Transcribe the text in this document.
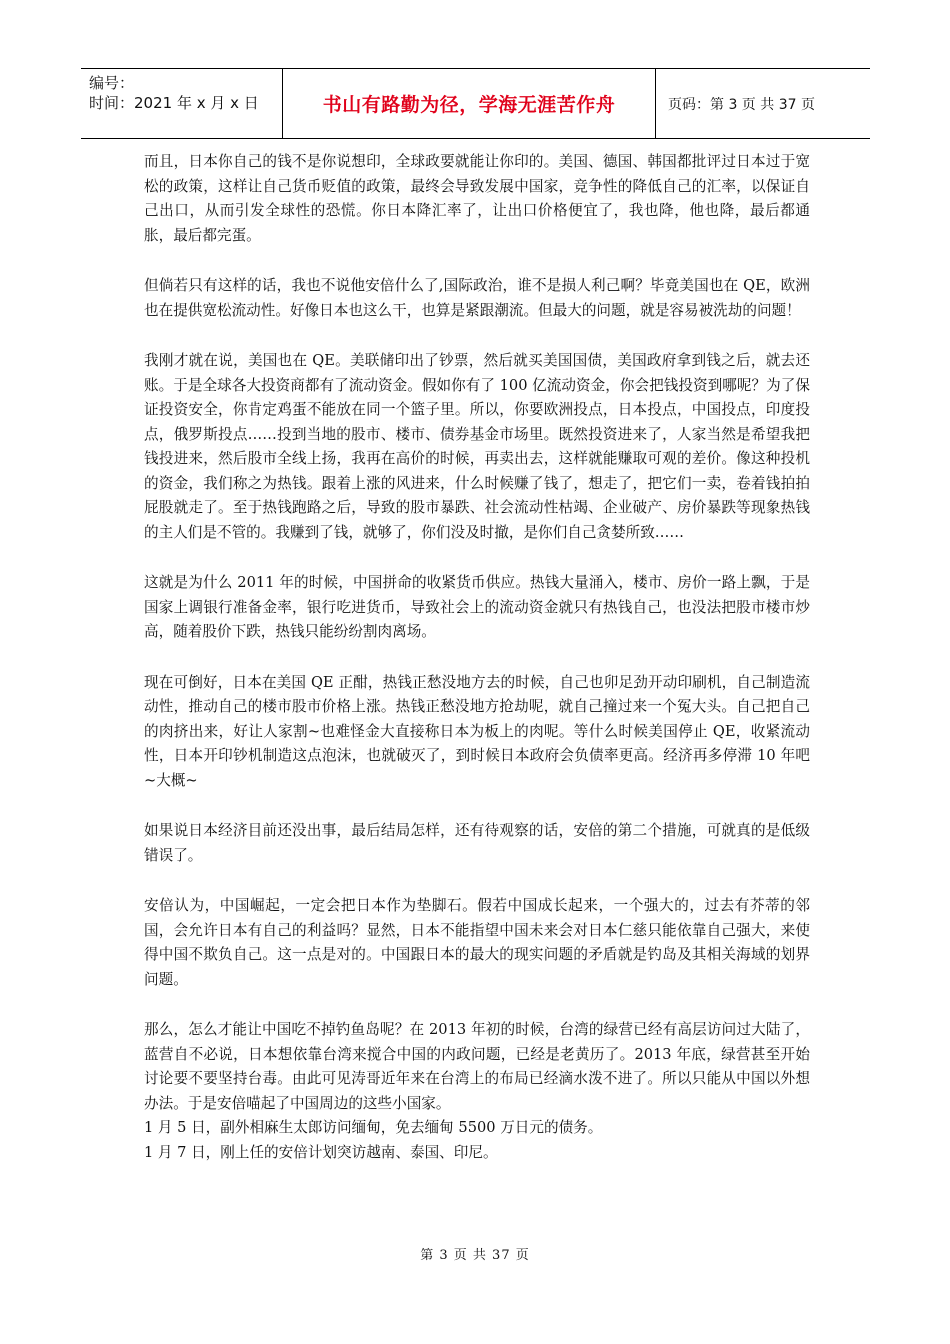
编号：
时间：2021 年 x 月 x 日	书山有路勤为径，学海无涯苦作舟	页码：第 3 页 共 37 页

而且，日本你自己的钱不是你说想印，全球政要就能让你印的。美国、德国、韩国都批评过日本过于宽松的政策，这样让自己货币贬值的政策，最终会导致发展中国家，竞争性的降低自己的汇率，以保证自己出口，从而引发全球性的恐慌。你日本降汇率了，让出口价格便宜了，我也降，他也降，最后都通胀，最后都完蛋。

但倘若只有这样的话，我也不说他安倍什么了,国际政治，谁不是损人利己啊？毕竟美国也在 QE，欧洲也在提供宽松流动性。好像日本也这么干，也算是紧跟潮流。但最大的问题，就是容易被洗劫的问题！

我刚才就在说，美国也在 QE。美联储印出了钞票，然后就买美国国债，美国政府拿到钱之后，就去还账。于是全球各大投资商都有了流动资金。假如你有了 100 亿流动资金，你会把钱投资到哪呢？为了保证投资安全，你肯定鸡蛋不能放在同一个篮子里。所以，你要欧洲投点，日本投点，中国投点，印度投点，俄罗斯投点……投到当地的股市、楼市、债券基金市场里。既然投资进来了，人家当然是希望我把钱投进来，然后股市全线上扬，我再在高价的时候，再卖出去，这样就能赚取可观的差价。像这种投机的资金，我们称之为热钱。跟着上涨的风进来，什么时候赚了钱了，想走了，把它们一卖，卷着钱拍拍屁股就走了。至于热钱跑路之后，导致的股市暴跌、社会流动性枯竭、企业破产、房价暴跌等现象热钱的主人们是不管的。我赚到了钱，就够了，你们没及时撤，是你们自己贪婪所致……

这就是为什么 2011 年的时候，中国拼命的收紧货币供应。热钱大量涌入，楼市、房价一路上飘，于是国家上调银行准备金率，银行吃进货币，导致社会上的流动资金就只有热钱自己，也没法把股市楼市炒高，随着股价下跌，热钱只能纷纷割肉离场。

现在可倒好，日本在美国 QE 正酣，热钱正愁没地方去的时候，自己也卯足劲开动印刷机，自己制造流动性，推动自己的楼市股市价格上涨。热钱正愁没地方抢劫呢，就自己撞过来一个冤大头。自己把自己的肉挤出来，好让人家割~也难怪金大直接称日本为板上的肉呢。等什么时候美国停止 QE，收紧流动性，日本开印钞机制造这点泡沫，也就破灭了，到时候日本政府会负债率更高。经济再多停滞 10 年吧~大概~

如果说日本经济目前还没出事，最后结局怎样，还有待观察的话，安倍的第二个措施，可就真的是低级错误了。

安倍认为，中国崛起，一定会把日本作为垫脚石。假若中国成长起来，一个强大的，过去有芥蒂的邻国，会允许日本有自己的利益吗？显然，日本不能指望中国未来会对日本仁慈只能依靠自己强大，来使得中国不欺负自己。这一点是对的。中国跟日本的最大的现实问题的矛盾就是钓岛及其相关海域的划界问题。

那么，怎么才能让中国吃不掉钓鱼岛呢？在 2013 年初的时候，台湾的绿营已经有高层访问过大陆了，蓝营自不必说，日本想依靠台湾来搅合中国的内政问题，已经是老黄历了。2013 年底，绿营甚至开始讨论要不要坚持台毒。由此可见涛哥近年来在台湾上的布局已经滴水泼不进了。所以只能从中国以外想办法。于是安倍喵起了中国周边的这些小国家。

1 月 5 日，副外相麻生太郎访问缅甸，免去缅甸 5500 万日元的债务。

1 月 7 日，刚上任的安倍计划突访越南、泰国、印尼。

第 3 页 共 37 页
